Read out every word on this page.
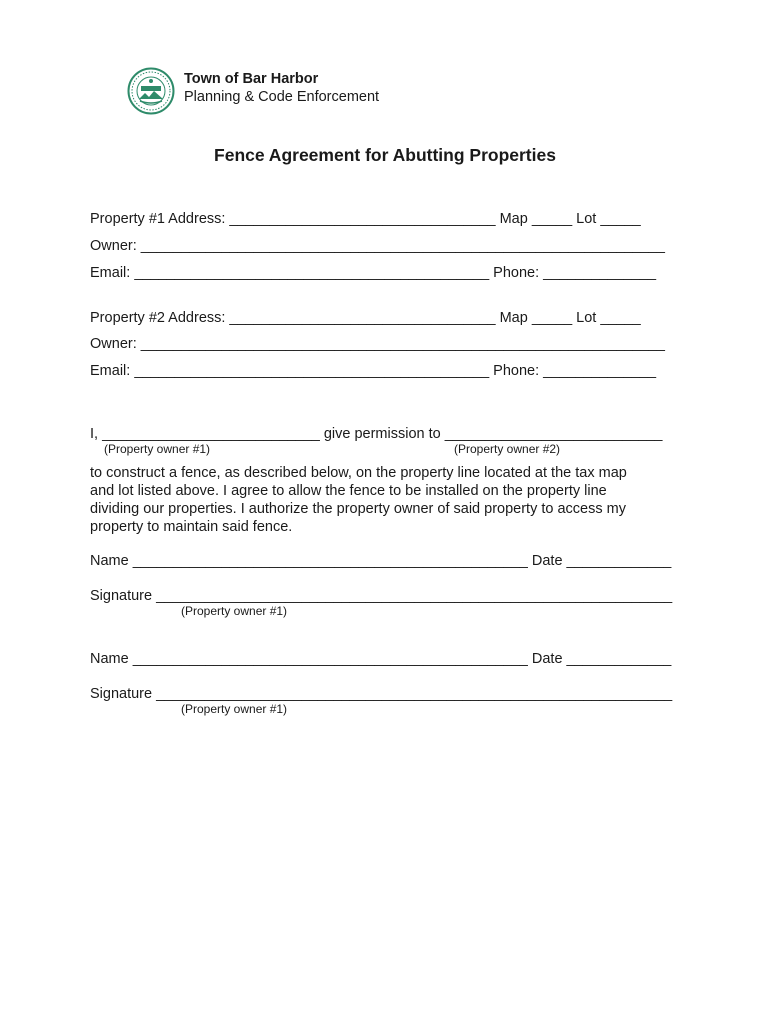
Town of Bar Harbor
Planning & Code Enforcement
Fence Agreement for Abutting Properties
Property #1 Address: _________________________________ Map _____ Lot _____
Owner: _________________________________________________________________
Email: ____________________________________________ Phone: ______________
Property #2 Address: _________________________________ Map _____ Lot _____
Owner: _________________________________________________________________
Email: ____________________________________________ Phone: ______________
I, ___________________________ give permission to ___________________________
(Property owner #1)	(Property owner #2)
to construct a fence, as described below, on the property line located at the tax map
and lot listed above. I agree to allow the fence to be installed on the property line
dividing our properties. I authorize the property owner of said property to access my
property to maintain said fence.
Name _________________________________________________ Date _____________
Signature ________________________________________________________________
(Property owner #1)
Name _________________________________________________ Date _____________
Signature ________________________________________________________________
(Property owner #1)
